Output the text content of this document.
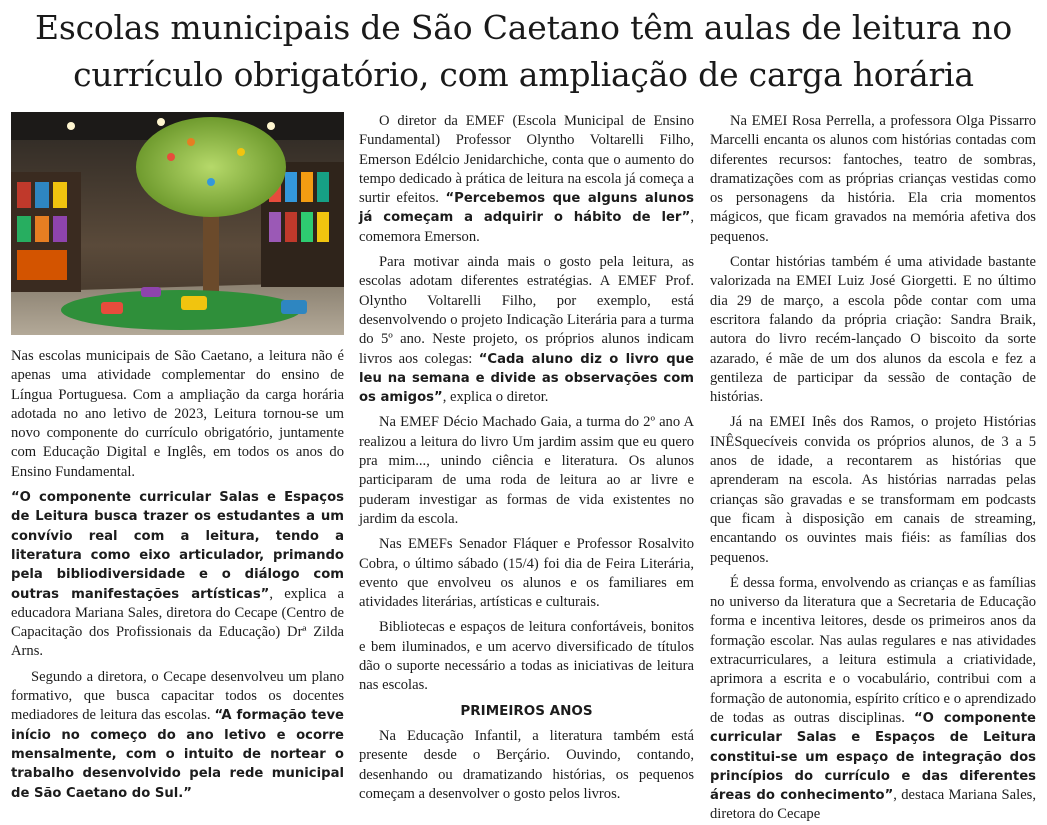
Escolas municipais de São Caetano têm aulas de leitura no currículo obrigatório, com ampliação de carga horária

Nas escolas municipais de São Caetano, a leitura não é apenas uma atividade complementar do ensino de Língua Portuguesa. Com a ampliação da carga horária adotada no ano letivo de 2023, Leitura tornou-se um novo componente do currículo obrigatório, juntamente com Educação Digital e Inglês, em todos os anos do Ensino Fundamental.

“O componente curricular Salas e Espaços de Leitura busca trazer os estudantes a um convívio real com a leitura, tendo a literatura como eixo articulador, primando pela bibliodiversidade e o diálogo com outras manifestações artísticas”, explica a educadora Mariana Sales, diretora do Cecape (Centro de Capacitação dos Profissionais da Educação) Drª Zilda Arns.

Segundo a diretora, o Cecape desenvolveu um plano formativo, que busca capacitar todos os docentes mediadores de leitura das escolas. “A formação teve início no começo do ano letivo e ocorre mensalmente, com o intuito de nortear o trabalho desenvolvido pela rede municipal de São Caetano do Sul.”

O diretor da EMEF (Escola Municipal de Ensino Fundamental) Professor Olyntho Voltarelli Filho, Emerson Edélcio Jenidarchiche, conta que o aumento do tempo dedicado à prática de leitura na escola já começa a surtir efeitos. “Percebemos que alguns alunos já começam a adquirir o hábito de ler”, comemora Emerson.

Para motivar ainda mais o gosto pela leitura, as escolas adotam diferentes estratégias. A EMEF Prof. Olyntho Voltarelli Filho, por exemplo, está desenvolvendo o projeto Indicação Literária para a turma do 5º ano. Neste projeto, os próprios alunos indicam livros aos colegas: “Cada aluno diz o livro que leu na semana e divide as observações com os amigos”, explica o diretor.

Na EMEF Décio Machado Gaia, a turma do 2º ano A realizou a leitura do livro Um jardim assim que eu quero pra mim..., unindo ciência e literatura. Os alunos participaram de uma roda de leitura ao ar livre e puderam investigar as formas de vida existentes no jardim da escola.

Nas EMEFs Senador Fláquer e Professor Rosalvito Cobra, o último sábado (15/4) foi dia de Feira Literária, evento que envolveu os alunos e os familiares em atividades literárias, artísticas e culturais.

Bibliotecas e espaços de leitura confortáveis, bonitos e bem iluminados, e um acervo diversificado de títulos dão o suporte necessário a todas as iniciativas de leitura nas escolas.

PRIMEIROS ANOS

Na Educação Infantil, a literatura também está presente desde o Berçário. Ouvindo, contando, desenhando ou dramatizando histórias, os pequenos começam a desenvolver o gosto pelos livros.

Na EMEI Rosa Perrella, a professora Olga Pissarro Marcelli encanta os alunos com histórias contadas com diferentes recursos: fantoches, teatro de sombras, dramatizações com as próprias crianças vestidas como os personagens da história. Ela cria momentos mágicos, que ficam gravados na memória afetiva dos pequenos.

Contar histórias também é uma atividade bastante valorizada na EMEI Luiz José Giorgetti. E no último dia 29 de março, a escola pôde contar com uma escritora falando da própria criação: Sandra Braik, autora do livro recém-lançado O biscoito da sorte azarado, é mãe de um dos alunos da escola e fez a gentileza de participar da sessão de contação de histórias.

Já na EMEI Inês dos Ramos, o projeto Histórias INÊSquecíveis convida os próprios alunos, de 3 a 5 anos de idade, a recontarem as histórias que aprenderam na escola. As histórias narradas pelas crianças são gravadas e se transformam em podcasts que ficam à disposição em canais de streaming, encantando os ouvintes mais fiéis: as famílias dos pequenos.

É dessa forma, envolvendo as crianças e as famílias no universo da literatura que a Secretaria de Educação forma e incentiva leitores, desde os primeiros anos da formação escolar. Nas aulas regulares e nas atividades extracurriculares, a leitura estimula a criatividade, aprimora a escrita e o vocabulário, contribui com a formação de autonomia, espírito crítico e o aprendizado de todas as outras disciplinas. “O componente curricular Salas e Espaços de Leitura constitui-se um espaço de integração dos princípios do currículo e das diferentes áreas do conhecimento”, destaca Mariana Sales, diretora do Cecape
